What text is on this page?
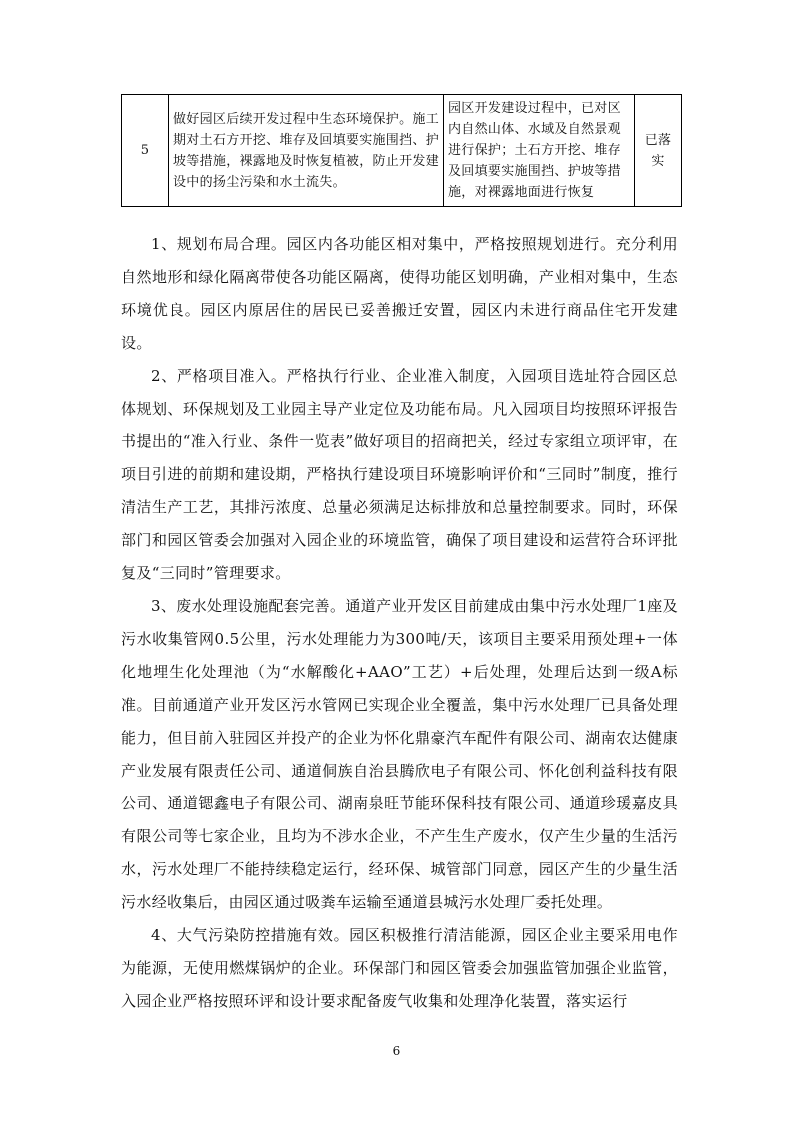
5	做好园区后续开发过程中生态环境保护。施工期对土石方开挖、堆存及回填要实施围挡、护坡等措施，裸露地及时恢复植被，防止开发建设中的扬尘污染和水土流失。	园区开发建设过程中，已对区内自然山体、水域及自然景观进行保护；土石方开挖、堆存及回填要实施围挡、护坡等措施，对裸露地面进行恢复	已落实

1、规划布局合理。园区内各功能区相对集中，严格按照规划进行。充分利用自然地形和绿化隔离带使各功能区隔离，使得功能区划明确，产业相对集中，生态环境优良。园区内原居住的居民已妥善搬迁安置，园区内未进行商品住宅开发建设。

2、严格项目准入。严格执行行业、企业准入制度，入园项目选址符合园区总体规划、环保规划及工业园主导产业定位及功能布局。凡入园项目均按照环评报告书提出的“准入行业、条件一览表”做好项目的招商把关，经过专家组立项评审，在项目引进的前期和建设期，严格执行建设项目环境影响评价和“三同时”制度，推行清洁生产工艺，其排污浓度、总量必须满足达标排放和总量控制要求。同时，环保部门和园区管委会加强对入园企业的环境监管，确保了项目建设和运营符合环评批复及“三同时”管理要求。

3、废水处理设施配套完善。通道产业开发区目前建成由集中污水处理厂1座及污水收集管网0.5公里，污水处理能力为300吨/天，该项目主要采用预处理+一体化地埋生化处理池（为“水解酸化+AAO”工艺）+后处理，处理后达到一级A标准。目前通道产业开发区污水管网已实现企业全覆盖，集中污水处理厂已具备处理能力，但目前入驻园区并投产的企业为怀化鼎豪汽车配件有限公司、湖南农达健康产业发展有限责任公司、通道侗族自治县腾欣电子有限公司、怀化创利益科技有限公司、通道锶鑫电子有限公司、湖南泉旺节能环保科技有限公司、通道珍瑗嘉皮具有限公司等七家企业，且均为不涉水企业，不产生生产废水，仅产生少量的生活污水，污水处理厂不能持续稳定运行，经环保、城管部门同意，园区产生的少量生活污水经收集后，由园区通过吸粪车运输至通道县城污水处理厂委托处理。

4、大气污染防控措施有效。园区积极推行清洁能源，园区企业主要采用电作为能源，无使用燃煤锅炉的企业。环保部门和园区管委会加强监管加强企业监管，入园企业严格按照环评和设计要求配备废气收集和处理净化装置，落实运行

6
